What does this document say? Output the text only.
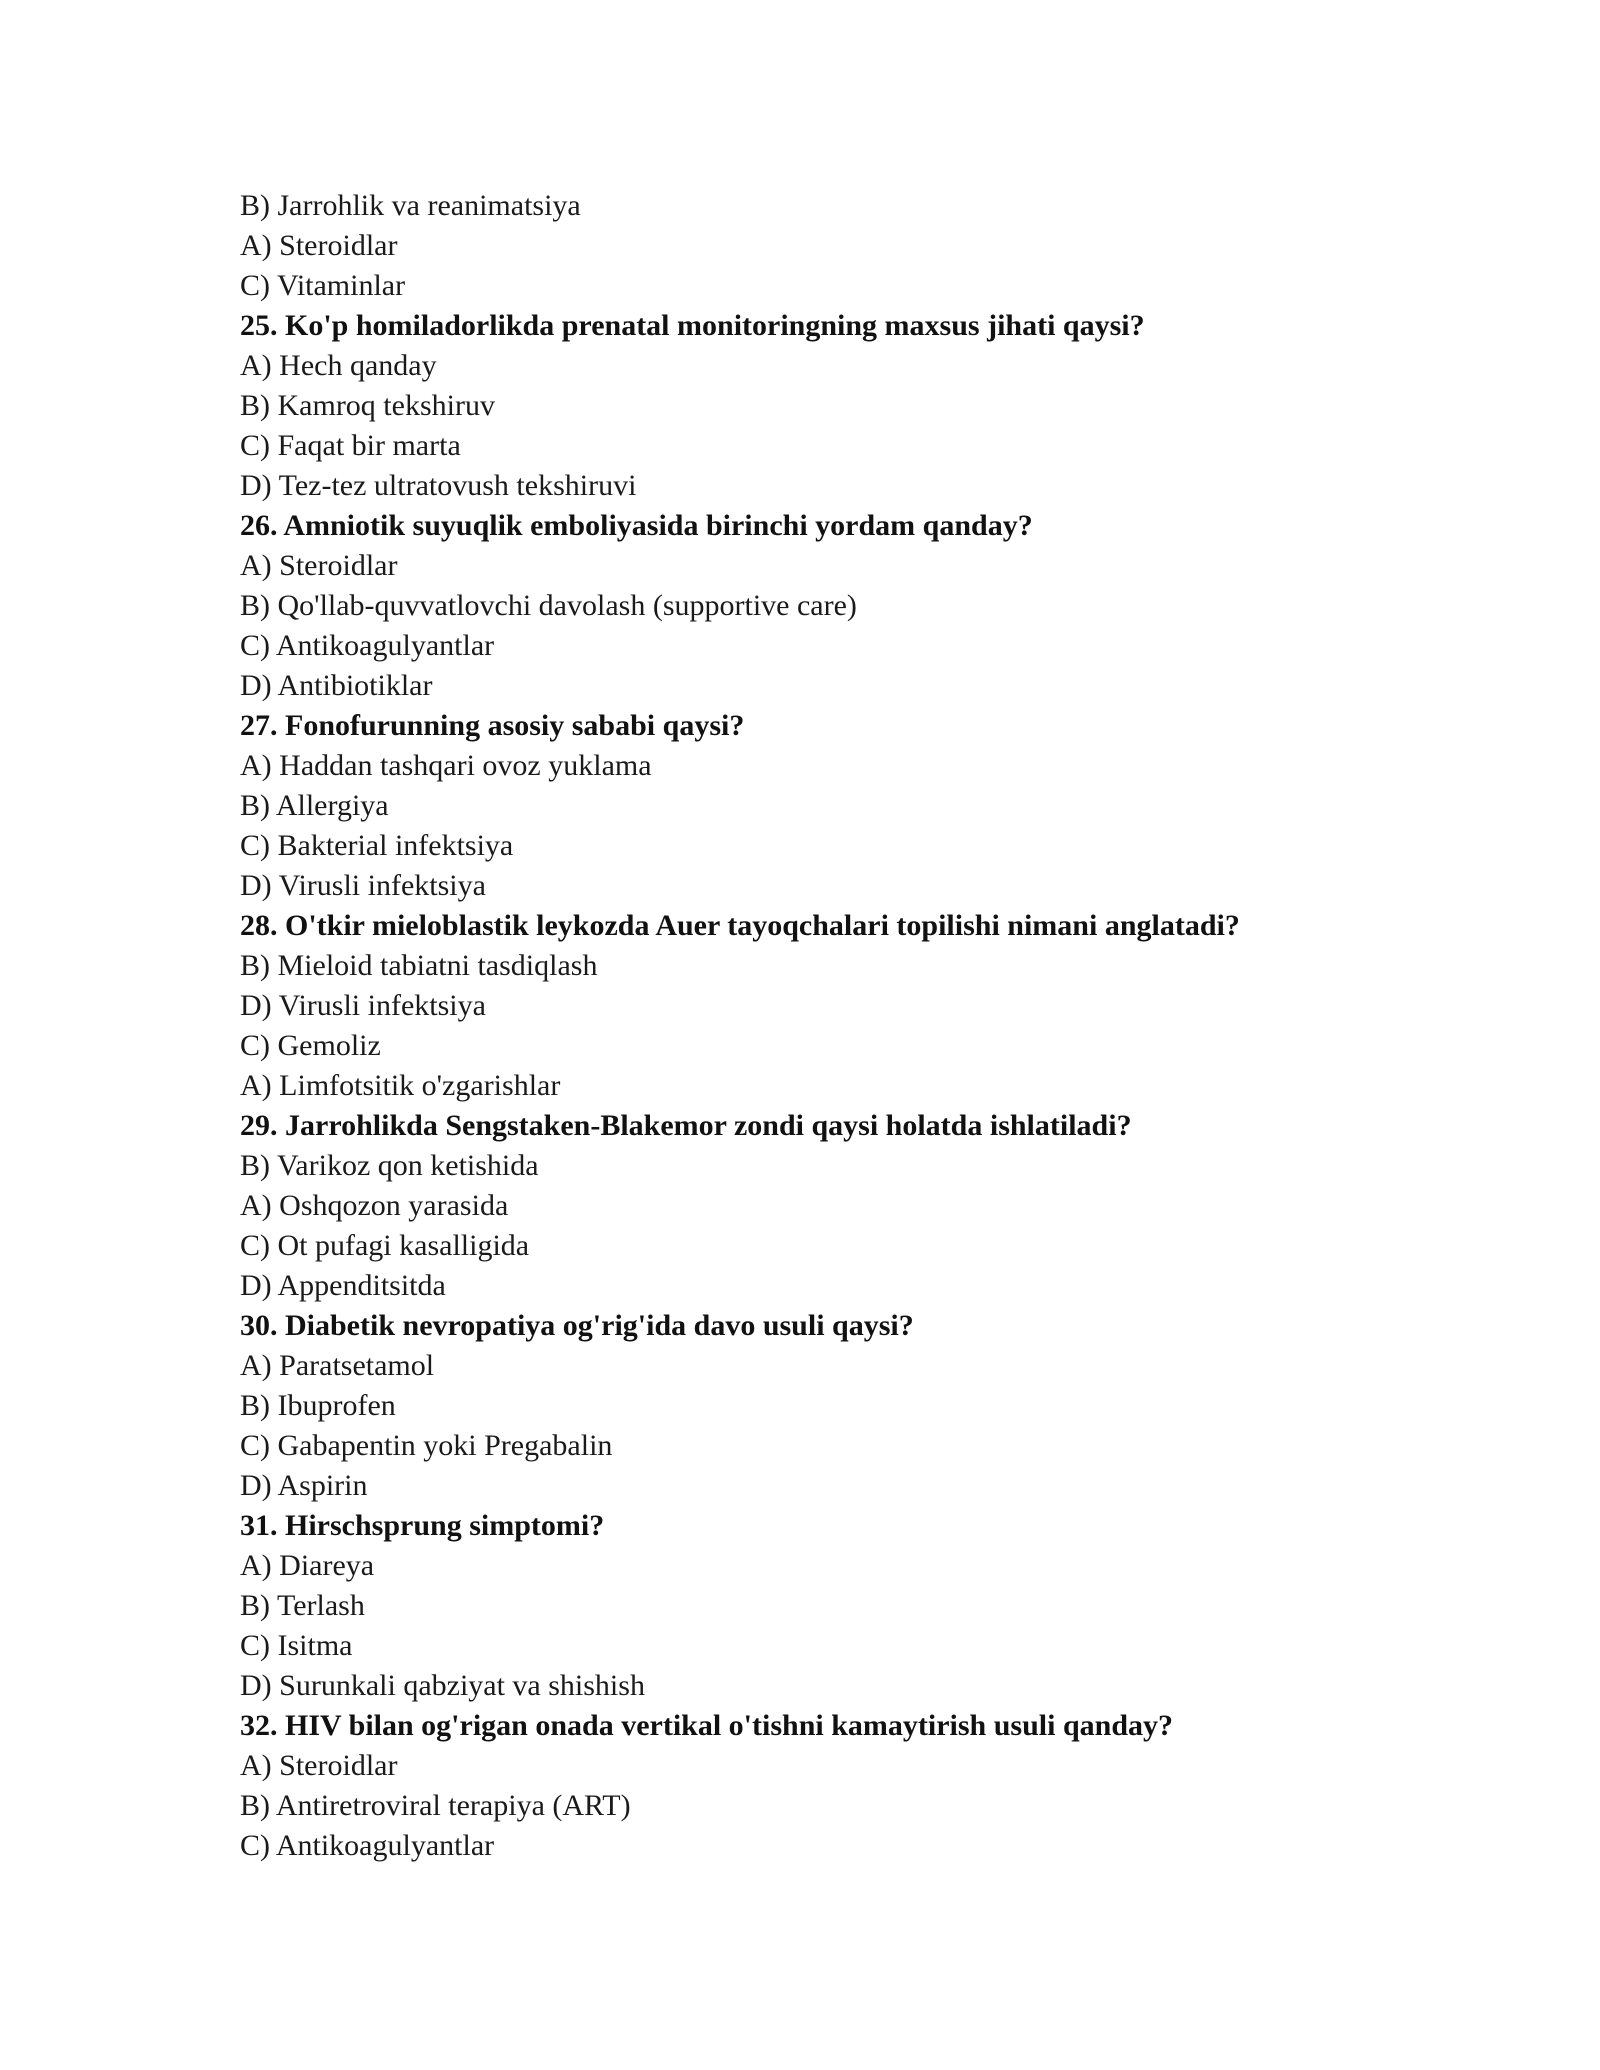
B) Jarrohlik va reanimatsiya
A) Steroidlar
C) Vitaminlar
25. Ko'p homiladorlikda prenatal monitoringning maxsus jihati qaysi?
A) Hech qanday
B) Kamroq tekshiruv
C) Faqat bir marta
D) Tez-tez ultratovush tekshiruvi
26. Amniotik suyuqlik emboliyasida birinchi yordam qanday?
A) Steroidlar
B) Qo'llab-quvvatlovchi davolash (supportive care)
C) Antikoagulyantlar
D) Antibiotiklar
27. Fonofurunning asosiy sababi qaysi?
A) Haddan tashqari ovoz yuklama
B) Allergiya
C) Bakterial infektsiya
D) Virusli infektsiya
28. O'tkir mieloblastik leykozda Auer tayoqchalari topilishi nimani anglatadi?
B) Mieloid tabiatni tasdiqlash
D) Virusli infektsiya
C) Gemoliz
A) Limfotsitik o'zgarishlar
29. Jarrohlikda Sengstaken-Blakemor zondi qaysi holatda ishlatiladi?
B) Varikoz qon ketishida
A) Oshqozon yarasida
C) Ot pufagi kasalligida
D) Appenditsitda
30. Diabetik nevropatiya og'rig'ida davo usuli qaysi?
A) Paratsetamol
B) Ibuprofen
C) Gabapentin yoki Pregabalin
D) Aspirin
31. Hirschsprung simptomi?
A) Diareya
B) Terlash
C) Isitma
D) Surunkali qabziyat va shishish
32. HIV bilan og'rigan onada vertikal o'tishni kamaytirish usuli qanday?
A) Steroidlar
B) Antiretroviral terapiya (ART)
C) Antikoagulyantlar
